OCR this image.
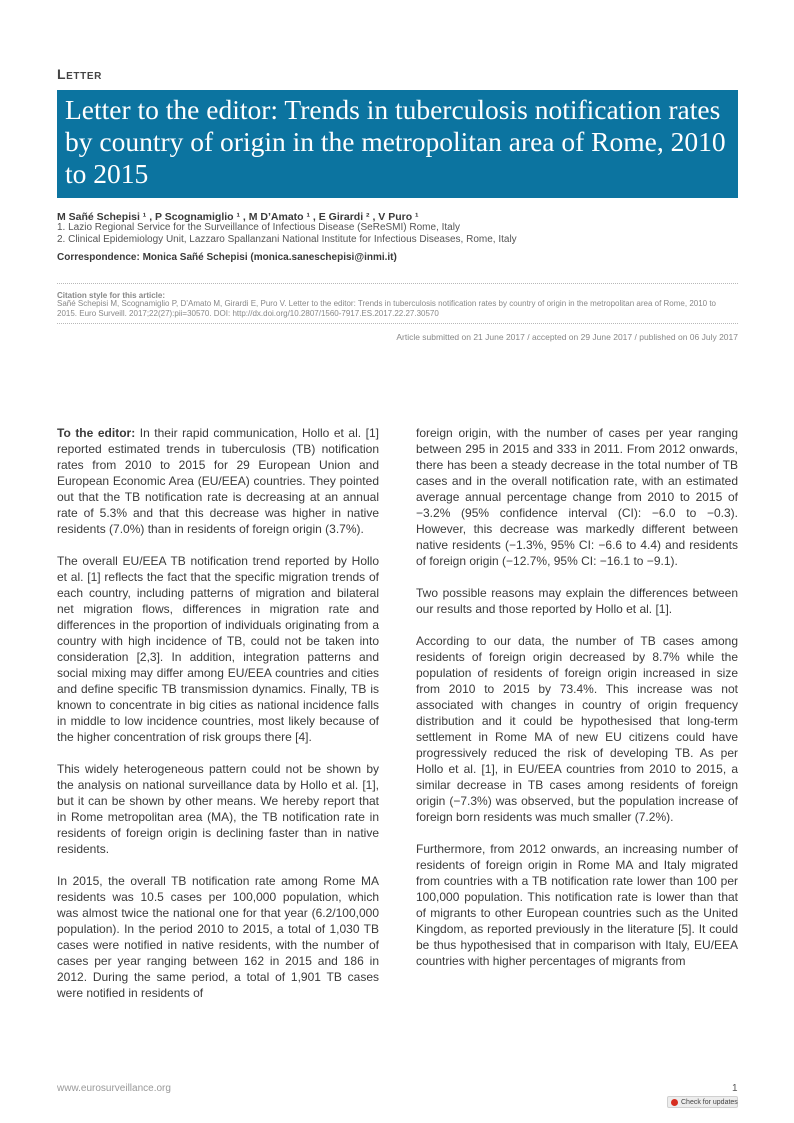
Letter
Letter to the editor: Trends in tuberculosis notification rates by country of origin in the metropolitan area of Rome, 2010 to 2015
M Sañé Schepisi ¹ , P Scognamiglio ¹ , M D’Amato ¹ , E Girardi ² , V Puro ¹
1. Lazio Regional Service for the Surveillance of Infectious Disease (SeReSMI) Rome, Italy
2. Clinical Epidemiology Unit, Lazzaro Spallanzani National Institute for Infectious Diseases, Rome, Italy
Correspondence: Monica Sañé Schepisi (monica.saneschepisi@inmi.it)
Citation style for this article:
Sañé Schepisi M, Scognamiglio P, D’Amato M, Girardi E, Puro V. Letter to the editor: Trends in tuberculosis notification rates by country of origin in the metropolitan area of Rome, 2010 to 2015. Euro Surveill. 2017;22(27):pii=30570. DOI: http://dx.doi.org/10.2807/1560-7917.ES.2017.22.27.30570
Article submitted on 21 June 2017 / accepted on 29 June 2017 / published on 06 July 2017

To the editor: In their rapid communication, Hollo et al. [1] reported estimated trends in tuberculosis (TB) notification rates from 2010 to 2015 for 29 European Union and European Economic Area (EU/EEA) countries. They pointed out that the TB notification rate is decreasing at an annual rate of 5.3% and that this decrease was higher in native residents (7.0%) than in residents of foreign origin (3.7%).

The overall EU/EEA TB notification trend reported by Hollo et al. [1] reflects the fact that the specific migration trends of each country, including patterns of migration and bilateral net migration flows, differences in migration rate and differences in the proportion of individuals originating from a country with high incidence of TB, could not be taken into consideration [2,3]. In addition, integration patterns and social mixing may differ among EU/EEA countries and cities and define specific TB transmission dynamics. Finally, TB is known to concentrate in big cities as national incidence falls in middle to low incidence countries, most likely because of the higher concentration of risk groups there [4].

This widely heterogeneous pattern could not be shown by the analysis on national surveillance data by Hollo et al. [1], but it can be shown by other means. We hereby report that in Rome metropolitan area (MA), the TB notification rate in residents of foreign origin is declining faster than in native residents.

In 2015, the overall TB notification rate among Rome MA residents was 10.5 cases per 100,000 population, which was almost twice the national one for that year (6.2/100,000 population). In the period 2010 to 2015, a total of 1,030 TB cases were notified in native residents, with the number of cases per year ranging between 162 in 2015 and 186 in 2012. During the same period, a total of 1,901 TB cases were notified in residents of

foreign origin, with the number of cases per year ranging between 295 in 2015 and 333 in 2011. From 2012 onwards, there has been a steady decrease in the total number of TB cases and in the overall notification rate, with an estimated average annual percentage change from 2010 to 2015 of −3.2% (95% confidence interval (CI): −6.0 to −0.3). However, this decrease was markedly different between native residents (−1.3%, 95% CI: −6.6 to 4.4) and residents of foreign origin (−12.7%, 95% CI: −16.1 to −9.1).

Two possible reasons may explain the differences between our results and those reported by Hollo et al. [1].

According to our data, the number of TB cases among residents of foreign origin decreased by 8.7% while the population of residents of foreign origin increased in size from 2010 to 2015 by 73.4%. This increase was not associated with changes in country of origin frequency distribution and it could be hypothesised that long-term settlement in Rome MA of new EU citizens could have progressively reduced the risk of developing TB. As per Hollo et al. [1], in EU/EEA countries from 2010 to 2015, a similar decrease in TB cases among residents of foreign origin (−7.3%) was observed, but the population increase of foreign born residents was much smaller (7.2%).

Furthermore, from 2012 onwards, an increasing number of residents of foreign origin in Rome MA and Italy migrated from countries with a TB notification rate lower than 100 per 100,000 population. This notification rate is lower than that of migrants to other European countries such as the United Kingdom, as reported previously in the literature [5]. It could be thus hypothesised that in comparison with Italy, EU/EEA countries with higher percentages of migrants from

www.eurosurveillance.org	1
Check for updates
